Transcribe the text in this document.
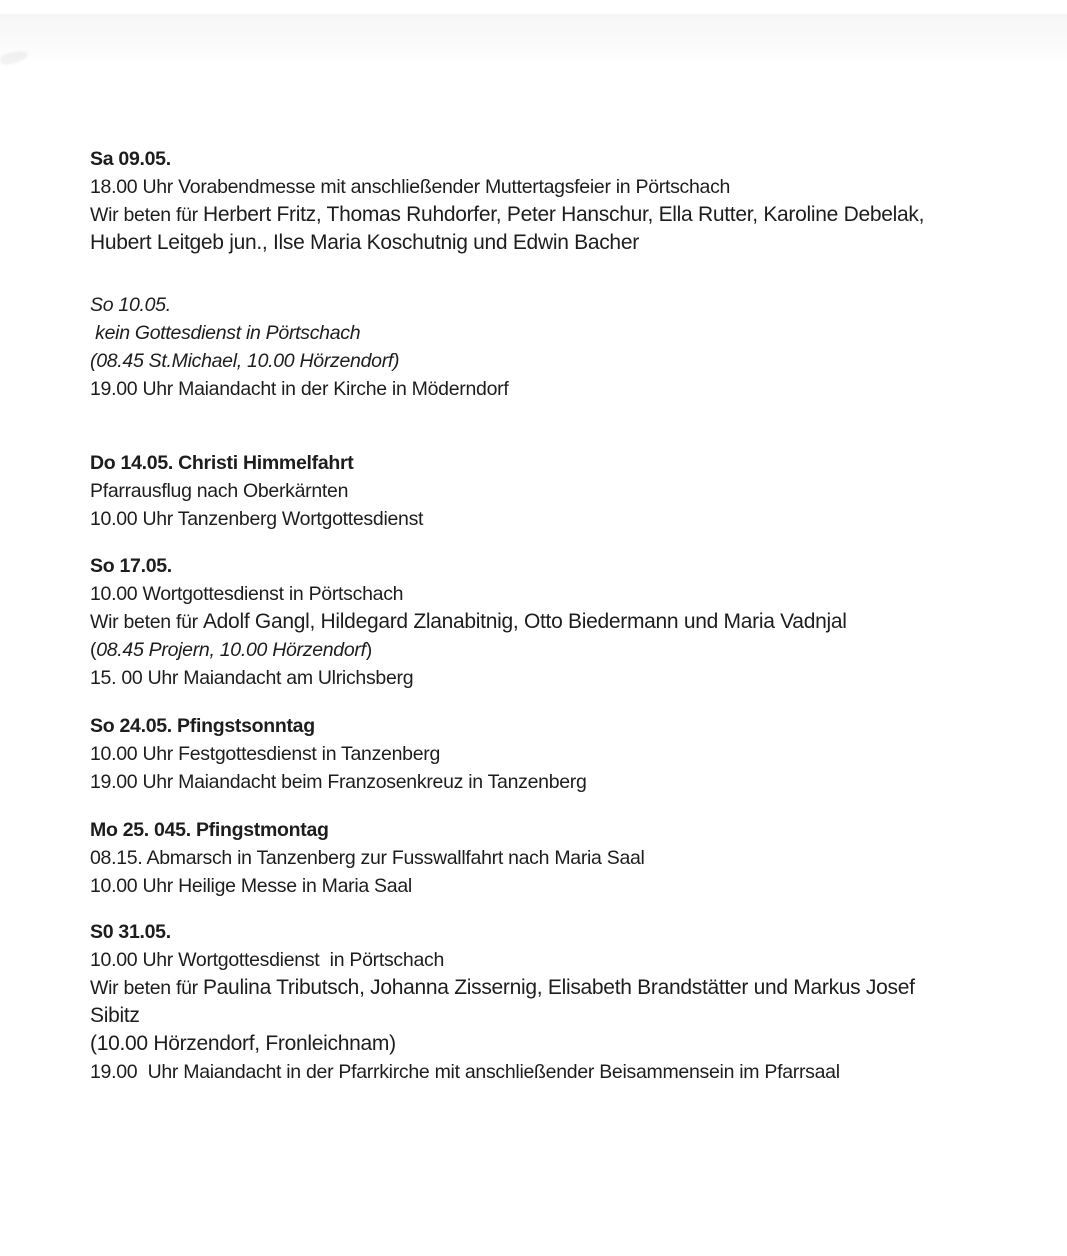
Sa 09.05.

18.00 Uhr Vorabendmesse mit anschließender Muttertagsfeier in Pörtschach

Wir beten für Herbert Fritz, Thomas Ruhdorfer, Peter Hanschur, Ella Rutter, Karoline Debelak,

Hubert Leitgeb jun., Ilse Maria Koschutnig und Edwin Bacher

So 10.05.

kein Gottesdienst in Pörtschach

(08.45 St.Michael, 10.00 Hörzendorf)

19.00 Uhr Maiandacht in der Kirche in Möderndorf

Do 14.05. Christi Himmelfahrt

Pfarrausflug nach Oberkärnten

10.00 Uhr Tanzenberg Wortgottesdienst

So 17.05.

10.00 Wortgottesdienst in Pörtschach

Wir beten für Adolf Gangl, Hildegard Zlanabitnig, Otto Biedermann und Maria Vadnjal

(08.45 Projern, 10.00 Hörzendorf)

15. 00 Uhr Maiandacht am Ulrichsberg

So 24.05. Pfingstsonntag

10.00 Uhr Festgottesdienst in Tanzenberg

19.00 Uhr Maiandacht beim Franzosenkreuz in Tanzenberg

Mo 25. 045. Pfingstmontag

08.15. Abmarsch in Tanzenberg zur Fusswallfahrt nach Maria Saal

10.00 Uhr Heilige Messe in Maria Saal

S0 31.05.

10.00 Uhr Wortgottesdienst  in Pörtschach

Wir beten für Paulina Tributsch, Johanna Zissernig, Elisabeth Brandstätter und Markus Josef

Sibitz

(10.00 Hörzendorf, Fronleichnam)

19.00  Uhr Maiandacht in der Pfarrkirche mit anschließender Beisammensein im Pfarrsaal
